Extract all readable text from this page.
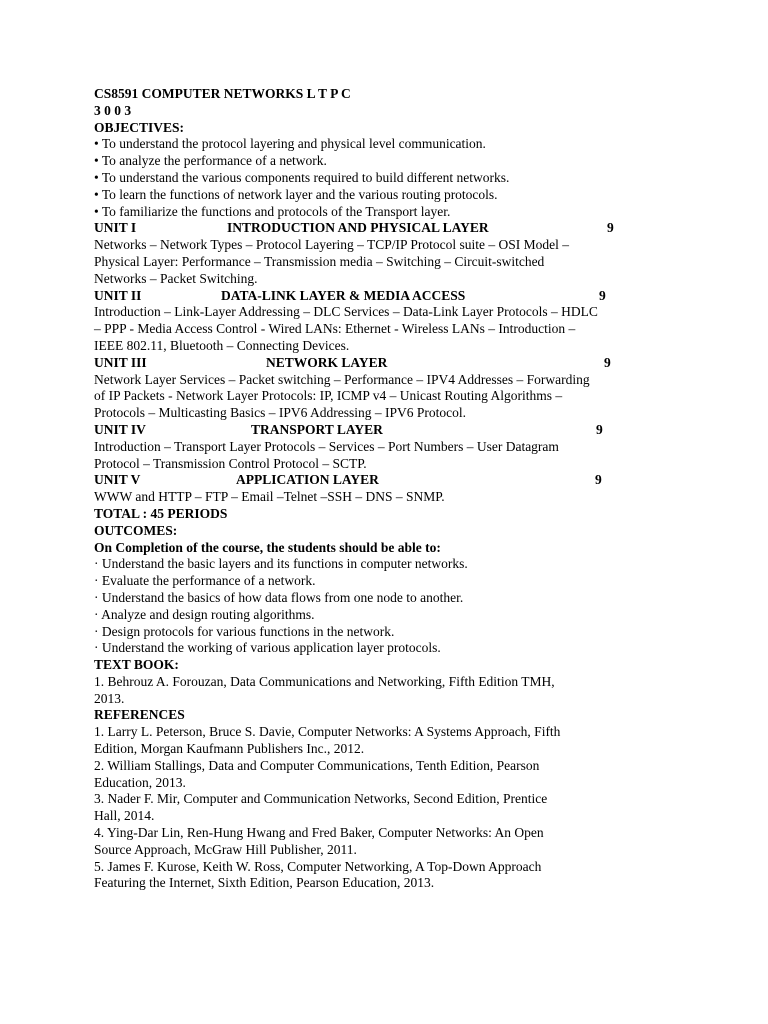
CS8591 COMPUTER NETWORKS L T P C
3 0 0 3
OBJECTIVES:
• To understand the protocol layering and physical level communication.
• To analyze the performance of a network.
• To understand the various components required to build different networks.
• To learn the functions of network layer and the various routing protocols.
• To familiarize the functions and protocols of the Transport layer.
UNIT I	INTRODUCTION AND PHYSICAL LAYER	9
Networks – Network Types – Protocol Layering – TCP/IP Protocol suite – OSI Model –
Physical Layer: Performance – Transmission media – Switching – Circuit-switched
Networks – Packet Switching.
UNIT II	DATA-LINK LAYER & MEDIA ACCESS	9
Introduction – Link-Layer Addressing – DLC Services – Data-Link Layer Protocols – HDLC
– PPP - Media Access Control - Wired LANs: Ethernet - Wireless LANs – Introduction –
IEEE 802.11, Bluetooth – Connecting Devices.
UNIT III	NETWORK LAYER	9
Network Layer Services – Packet switching – Performance – IPV4 Addresses – Forwarding
of IP Packets - Network Layer Protocols: IP, ICMP v4 – Unicast Routing Algorithms –
Protocols – Multicasting Basics – IPV6 Addressing – IPV6 Protocol.
UNIT IV	TRANSPORT LAYER	9
Introduction – Transport Layer Protocols – Services – Port Numbers – User Datagram
Protocol – Transmission Control Protocol – SCTP.
UNIT V	APPLICATION LAYER	9
WWW and HTTP – FTP – Email –Telnet –SSH – DNS – SNMP.
TOTAL : 45 PERIODS
OUTCOMES:
On Completion of the course, the students should be able to:
· Understand the basic layers and its functions in computer networks.
· Evaluate the performance of a network.
· Understand the basics of how data flows from one node to another.
· Analyze and design routing algorithms.
· Design protocols for various functions in the network.
· Understand the working of various application layer protocols.
TEXT BOOK:
1. Behrouz A. Forouzan, Data Communications and Networking, Fifth Edition TMH,
2013.
REFERENCES
1. Larry L. Peterson, Bruce S. Davie, Computer Networks: A Systems Approach, Fifth
Edition, Morgan Kaufmann Publishers Inc., 2012.
2. William Stallings, Data and Computer Communications, Tenth Edition, Pearson
Education, 2013.
3. Nader F. Mir, Computer and Communication Networks, Second Edition, Prentice
Hall, 2014.
4. Ying-Dar Lin, Ren-Hung Hwang and Fred Baker, Computer Networks: An Open
Source Approach, McGraw Hill Publisher, 2011.
5. James F. Kurose, Keith W. Ross, Computer Networking, A Top-Down Approach
Featuring the Internet, Sixth Edition, Pearson Education, 2013.
